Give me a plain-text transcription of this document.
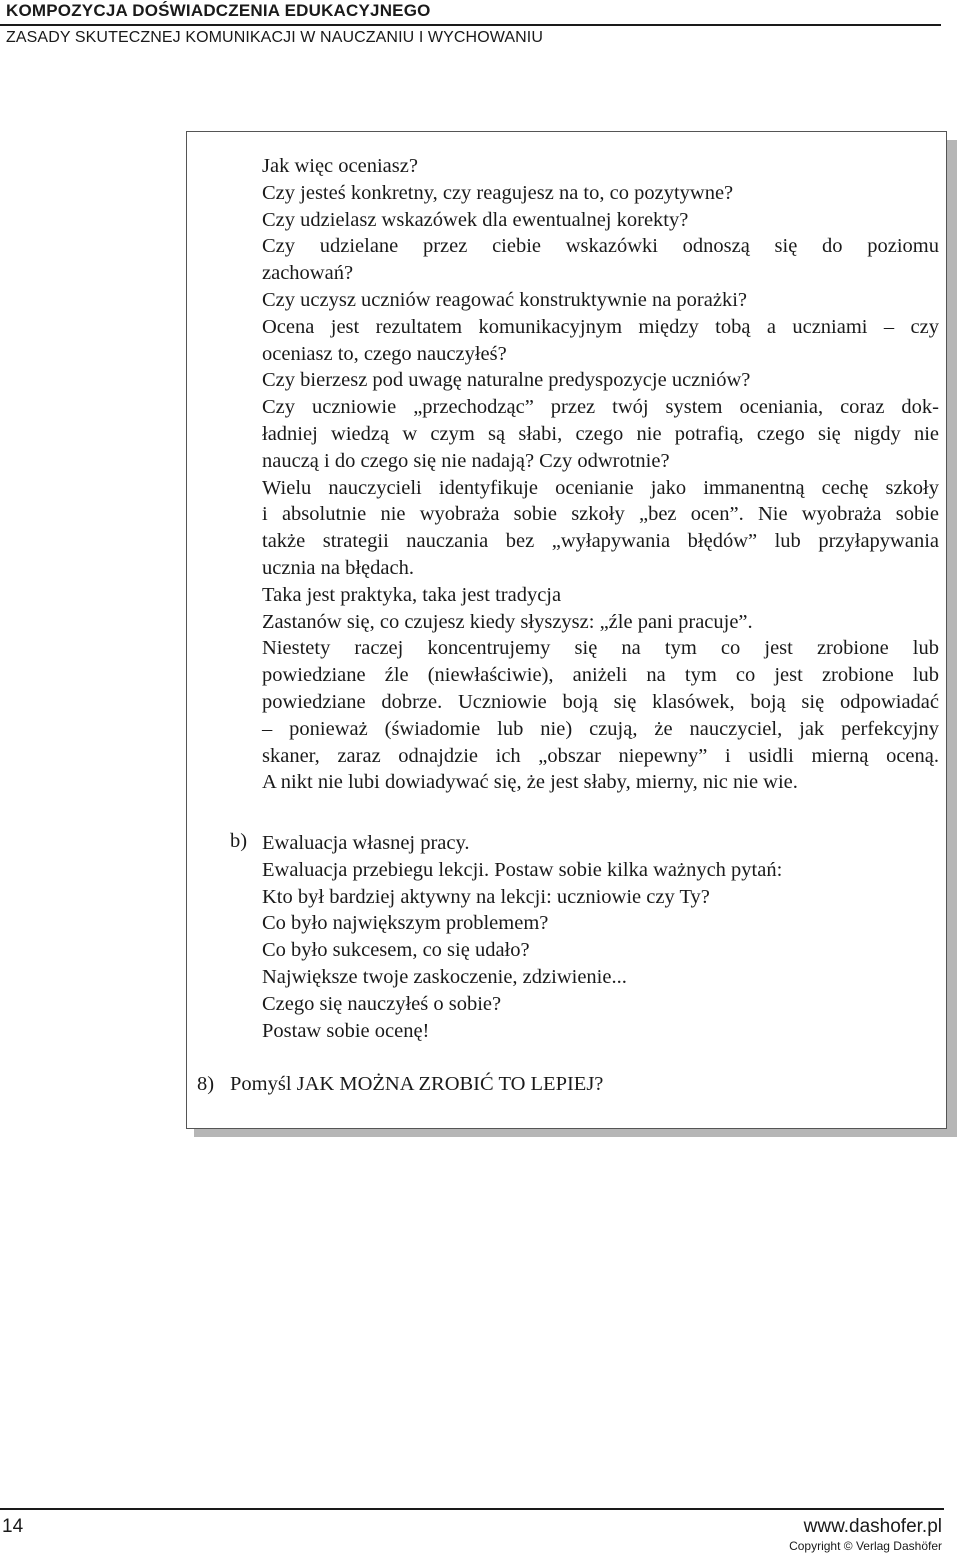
KOMPOZYCJA DOŚWIADCZENIA EDUKACYJNEGO
ZASADY SKUTECZNEJ KOMUNIKACJI W NAUCZANIU I WYCHOWANIU
Jak więc oceniasz?
Czy jesteś konkretny, czy reagujesz na to, co pozytywne?
Czy udzielasz wskazówek dla ewentualnej korekty?
Czy udzielane przez ciebie wskazówki odnoszą się do poziomu
zachowań?
Czy uczysz uczniów reagować konstruktywnie na porażki?
Ocena jest rezultatem komunikacyjnym między tobą a uczniami – czy
oceniasz to, czego nauczyłeś?
Czy bierzesz pod uwagę naturalne predyspozycje uczniów?
Czy uczniowie „przechodząc” przez twój system oceniania, coraz dok-
ładniej wiedzą w czym są słabi, czego nie potrafią, czego się nigdy nie
nauczą i do czego się nie nadają? Czy odwrotnie?
Wielu nauczycieli identyfikuje ocenianie jako immanentną cechę szkoły
i absolutnie nie wyobraża sobie szkoły „bez ocen”. Nie wyobraża sobie
także strategii nauczania bez „wyłapywania błędów” lub przyłapywania
ucznia na błędach.
Taka jest praktyka, taka jest tradycja
Zastanów się, co czujesz kiedy słyszysz: „źle pani pracuje”.
Niestety raczej koncentrujemy się na tym co jest zrobione lub
powiedziane źle (niewłaściwie), aniżeli na tym co jest zrobione lub
powiedziane dobrze. Uczniowie boją się klasówek, boją się odpowiadać
– ponieważ (świadomie lub nie) czują, że nauczyciel, jak perfekcyjny
skaner, zaraz odnajdzie ich „obszar niepewny” i usidli mierną oceną.
A nikt nie lubi dowiadywać się, że jest słaby, mierny, nic nie wie.
b) Ewaluacja własnej pracy.
Ewaluacja przebiegu lekcji. Postaw sobie kilka ważnych pytań:
Kto był bardziej aktywny na lekcji: uczniowie czy Ty?
Co było największym problemem?
Co było sukcesem, co się udało?
Największe twoje zaskoczenie, zdziwienie...
Czego się nauczyłeś o sobie?
Postaw sobie ocenę!
8) Pomyśl JAK MOŻNA ZROBIĆ TO LEPIEJ?
14	www.dashofer.pl
Copyright © Verlag Dashöfer
